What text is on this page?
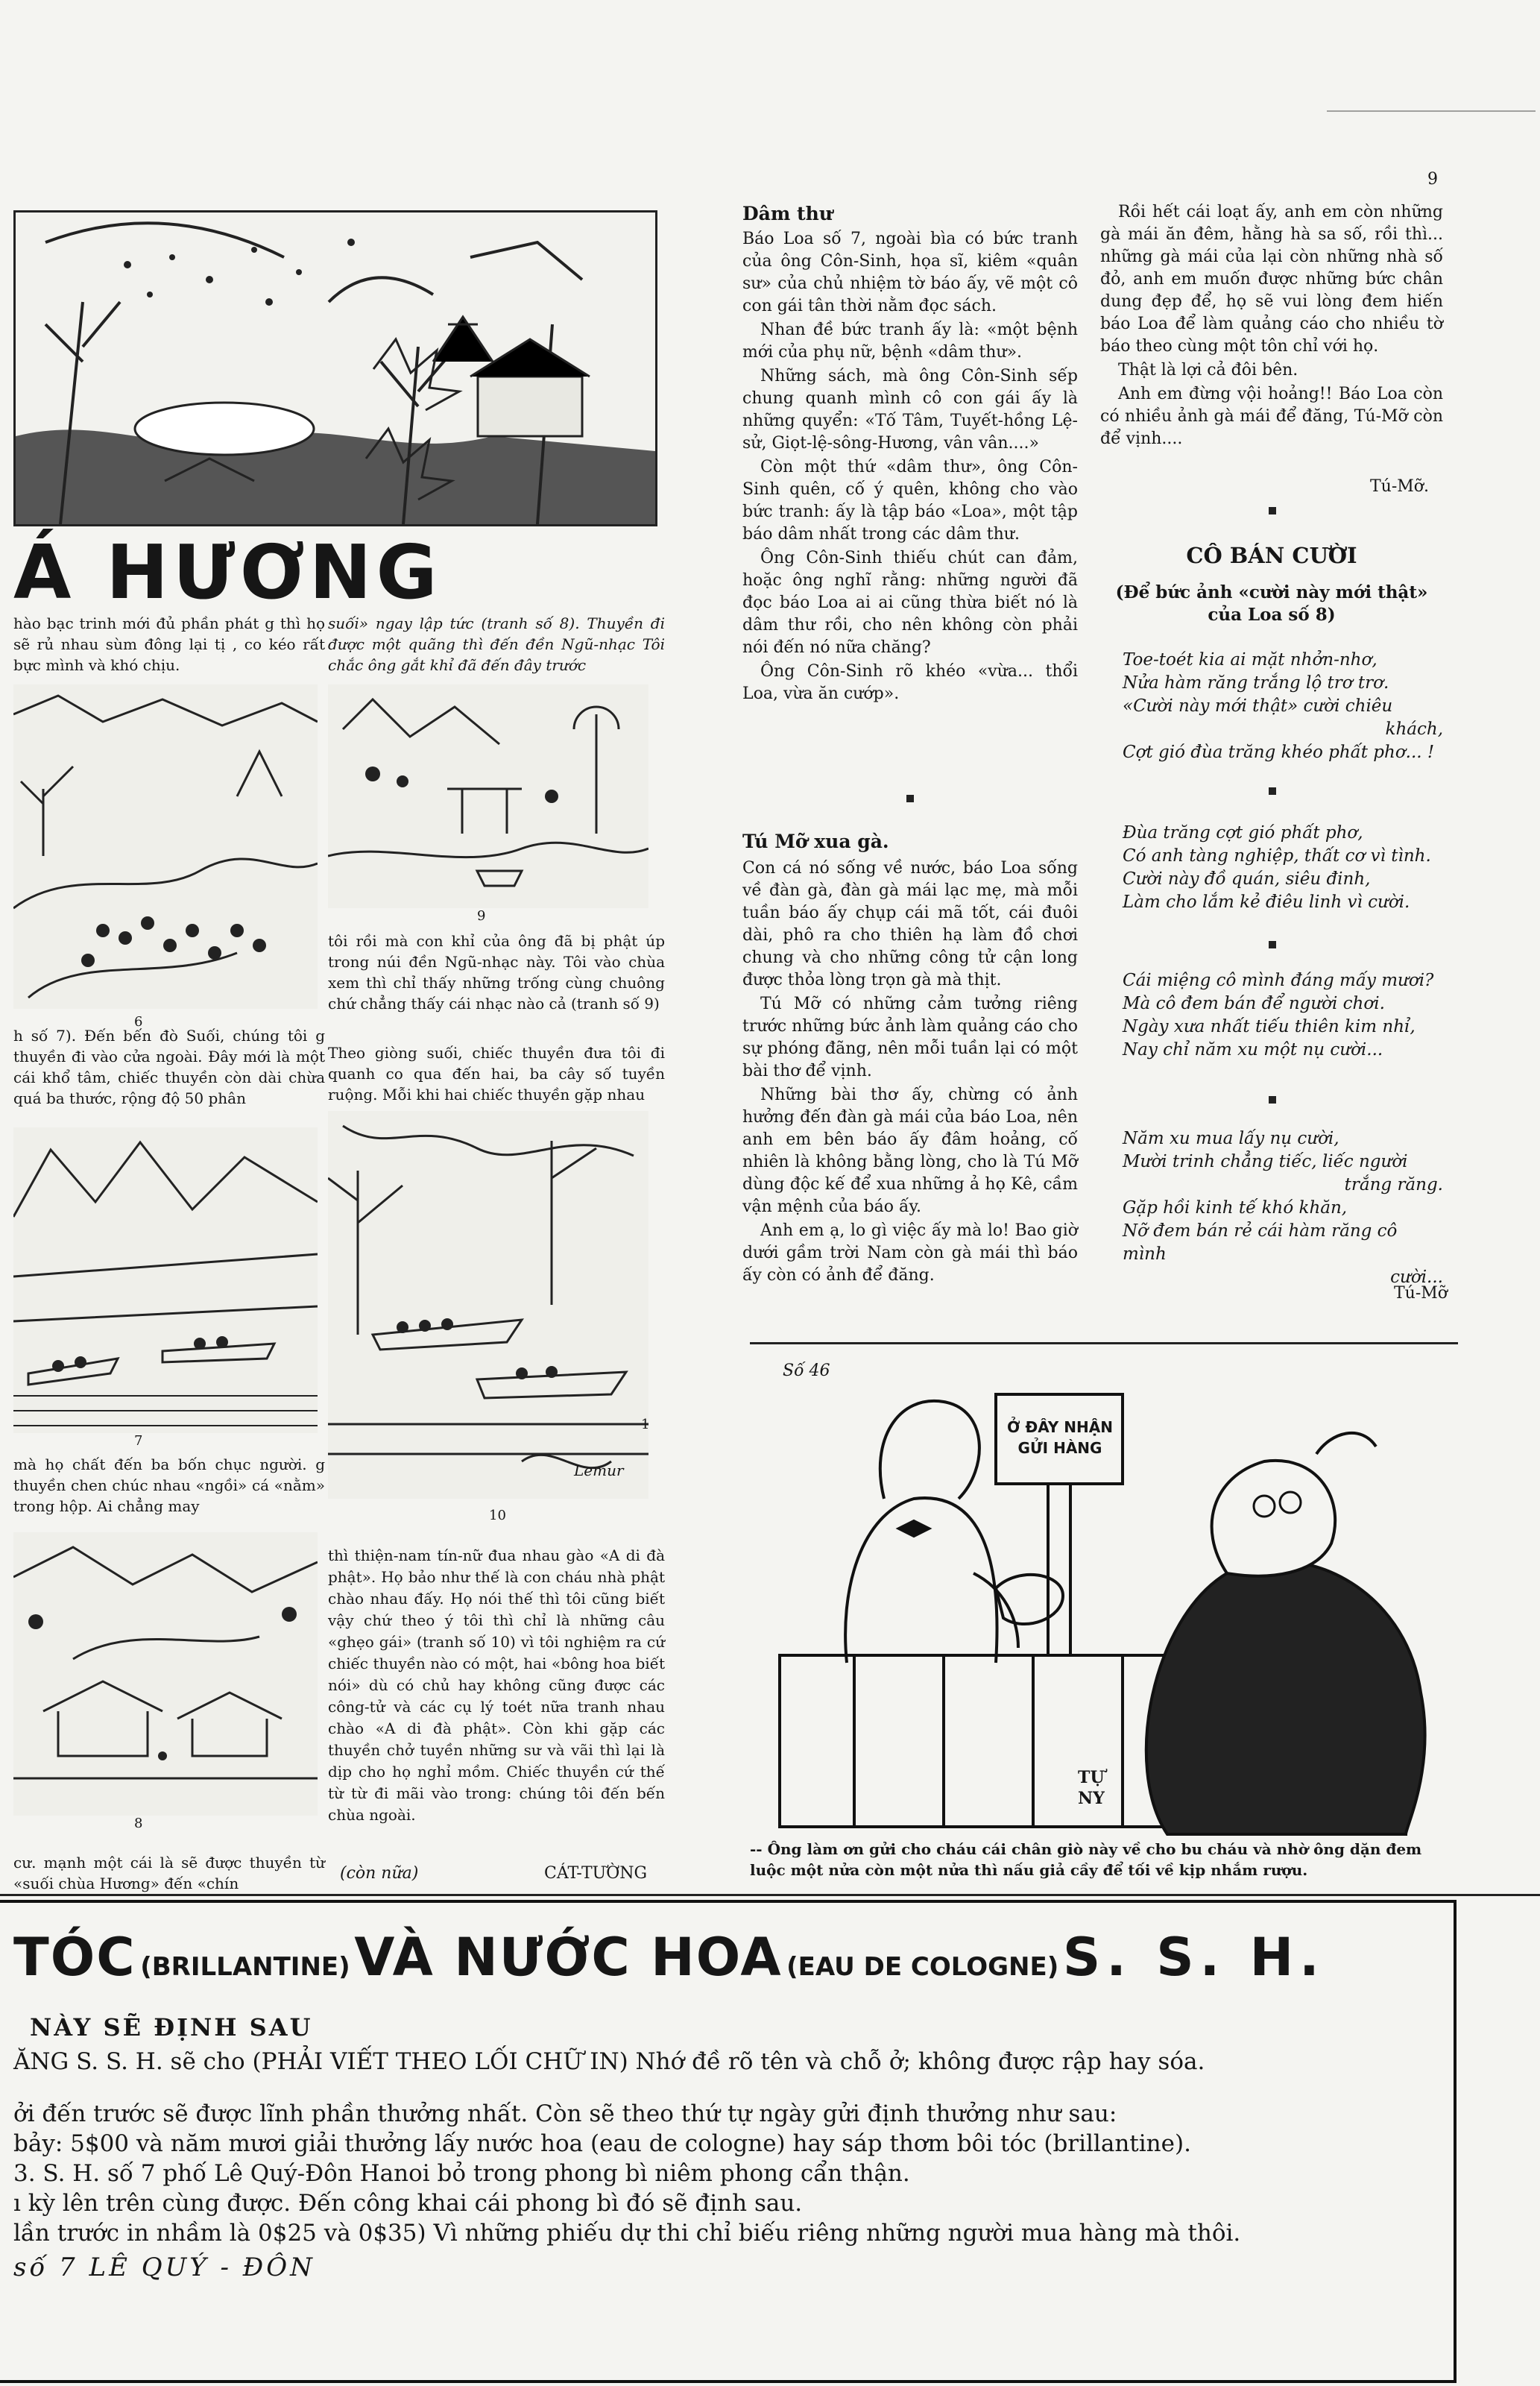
9
Á HƯƠNG
hào bạc trinh mới đủ phần phát g thì họ sẽ rủ nhau sùm đông lại tị , co kéo rất bực mình và khó chịu.
suối» ngay lập tức (tranh số 8). Thuyền đi được một quãng thì đến đền Ngũ-nhạc Tôi chắc ông gắt khỉ đã đến đây trước
6
h số 7). Đến bến đò Suối, chúng tôi g thuyền đi vào cửa ngoài. Đây mới là một cái khổ tâm, chiếc thuyền còn dài chừa quá ba thước, rộng độ 50 phân
9
tôi rồi mà con khỉ của ông đã bị phật úp trong núi đền Ngũ-nhạc này. Tôi vào chùa xem thì chỉ thấy những trống cùng chuông chứ chẳng thấy cái nhạc nào cả (tranh số 9)
Theo giòng suối, chiếc thuyền đưa tôi đi quanh co qua đến hai, ba cây số tuyền ruộng. Mỗi khi hai chiếc thuyền gặp nhau
7
mà họ chất đến ba bốn chục người. g thuyền chen chúc nhau «ngồi» cá «nằm» trong hộp. Ai chẳng may
Lemur
1
10
8
cư. mạnh một cái là sẽ được thuyền từ «suối chùa Hương» đến «chín
thì thiện-nam tín-nữ đua nhau gào «A di đà phật». Họ bảo như thế là con cháu nhà phật chào nhau đấy. Họ nói thế thì tôi cũng biết vậy chứ theo ý tôi thì chỉ là những câu «ghẹo gái» (tranh số 10) vì tôi nghiệm ra cứ chiếc thuyền nào có một, hai «bông hoa biết nói» dù có chủ hay không cũng được các công-tử và các cụ lý toét nữa tranh nhau chào «A di đà phật». Còn khi gặp các thuyền chở tuyền những sư và vãi thì lại là dịp cho họ nghỉ mồm. Chiếc thuyền cứ thế từ từ đi mãi vào trong: chúng tôi đến bến chùa ngoài.
(còn nữa)	CÁT-TƯỜNG
Dâm thư

Báo Loa số 7, ngoài bìa có bức tranh của ông Côn-Sinh, họa sĩ, kiêm «quân sư» của chủ nhiệm tờ báo ấy, vẽ một cô con gái tân thời nằm đọc sách.

Nhan đề bức tranh ấy là: «một bệnh mới của phụ nữ, bệnh «dâm thư».

Những sách, mà ông Côn-Sinh sếp chung quanh mình cô con gái ấy là những quyển: «Tố Tâm, Tuyết-hồng Lệ-sử, Giọt-lệ-sông-Hương, vân vân....»

Còn một thứ «dâm thư», ông Côn-Sinh quên, cố ý quên, không cho vào bức tranh: ấy là tập báo «Loa», một tập báo dâm nhất trong các dâm thư.

Ông Côn-Sinh thiếu chút can đảm, hoặc ông nghĩ rằng: những người đã đọc báo Loa ai ai cũng thừa biết nó là dâm thư rồi, cho nên không còn phải nói đến nó nữa chăng?

Ông Côn-Sinh rõ khéo «vừa... thổi Loa, vừa ăn cướp».

Tú Mỡ xua gà.

Con cá nó sống về nước, báo Loa sống về đàn gà, đàn gà mái lạc mẹ, mà mỗi tuần báo ấy chụp cái mã tốt, cái đuôi dài, phô ra cho thiên hạ làm đồ chơi chung và cho những công tử cận long được thỏa lòng trọn gà mà thịt.

Tú Mỡ có những cảm tưởng riêng trước những bức ảnh làm quảng cáo cho sự phóng đãng, nên mỗi tuần lại có một bài thơ để vịnh.

Những bài thơ ấy, chừng có ảnh hưởng đến đàn gà mái của báo Loa, nên anh em bên báo ấy đâm hoảng, cố nhiên là không bằng lòng, cho là Tú Mỡ dùng độc kế để xua những ả họ Kê, cầm vận mệnh của báo ấy.

Anh em ạ, lo gì việc ấy mà lo! Bao giờ dưới gầm trời Nam còn gà mái thì báo ấy còn có ảnh để đăng.

Rồi hết cái loạt ấy, anh em còn những gà mái ăn đêm, hằng hà sa số, rồi thì... những gà mái của lại còn những nhà số đỏ, anh em muốn được những bức chân dung đẹp để, họ sẽ vui lòng đem hiến báo Loa để làm quảng cáo cho nhiều tờ báo theo cùng một tôn chỉ với họ.

Thật là lợi cả đôi bên.

Anh em đừng vội hoảng!! Báo Loa còn có nhiều ảnh gà mái để đăng, Tú-Mỡ còn để vịnh....

Tú-Mỡ.
CÔ BÁN CƯỜI
(Để bức ảnh «cười này mới thật» của Loa số 8)

Toe-toét kia ai mặt nhởn-nhơ,

Nửa hàm răng trắng lộ trơ trơ.

«Cười này mới thật» cười chiêu

khách,

Cợt gió đùa trăng khéo phất phơ... !

Đùa trăng cợt gió phất phơ,

Có anh tàng nghiệp, thất cơ vì tình.

Cười này đồ quán, siêu đinh,

Làm cho lắm kẻ điêu linh vì cười.

Cái miệng cô mình đáng mấy mươi?

Mà cô đem bán để người chơi.

Ngày xưa nhất tiếu thiên kim nhỉ,

Nay chỉ năm xu một nụ cười...

Năm xu mua lấy nụ cười,

Mười trinh chẳng tiếc, liếc người

trắng răng.

Gặp hồi kinh tế khó khăn,

Nỡ đem bán rẻ cái hàm răng cô mình

cười...

Tú-Mỡ
Số 46
Ở ĐÂY NHẬN GỬI HÀNG
TỰ NY
-- Ông làm ơn gửi cho cháu cái chân giò này về cho bu cháu và nhờ ông dặn đem luộc một nửa còn một nửa thì nấu giả cầy để tối về kịp nhắm rượu.
TÓC (BRILLANTINE) VÀ NƯỚC HOA (EAU DE COLOGNE) S. S. H.
NÀY SẼ ĐỊNH SAU
ĂNG S. S. H. sẽ cho (PHẢI VIẾT THEO LỐI CHỮ IN) Nhớ đề rõ tên và chỗ ở; không được rập hay sóa.
ởi đến trước sẽ được lĩnh phần thưởng nhất. Còn sẽ theo thứ tự ngày gửi định thưởng như sau:
bảy: 5$00 và năm mươi giải thưởng lấy nước hoa (eau de cologne) hay sáp thơm bôi tóc (brillantine).
3. S. H. số 7 phố Lê Quý-Đôn Hanoi bỏ trong phong bì niêm phong cẩn thận.
ı kỳ lên trên cùng được. Đến công khai cái phong bì đó sẽ định sau.
lần trước in nhầm là 0$25 và 0$35) Vì những phiếu dự thi chỉ biếu riêng những người mua hàng mà thôi.
số 7 LÊ QUÝ - ĐÔN
